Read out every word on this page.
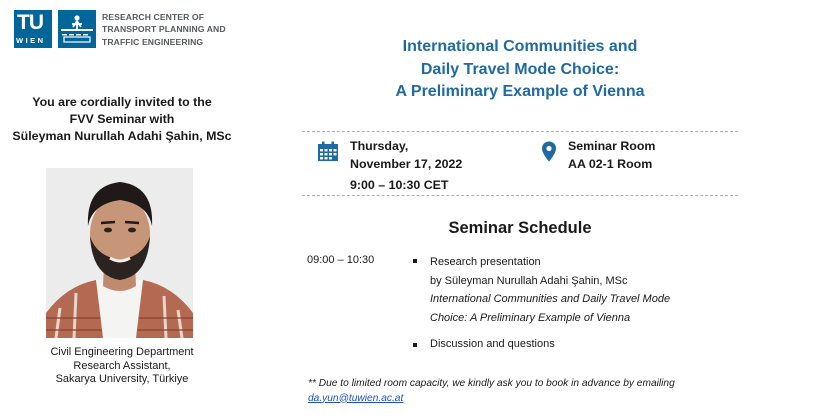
TU
WIEN
RESEARCH CENTER OF
TRANSPORT PLANNING AND
TRAFFIC ENGINEERING
You are cordially invited to the
FVV Seminar with
Süleyman Nurullah Adahi Şahin, MSc
Civil Engineering Department
Research Assistant,
Sakarya University, Türkiye
International Communities and
Daily Travel Mode Choice:
A Preliminary Example of Vienna
Thursday,
November 17, 2022
9:00 – 10:30 CET
Seminar Room
AA 02-1 Room
Seminar Schedule
09:00 – 10:30	Research presentation
by Süleyman Nurullah Adahi Şahin, MSc
International Communities and Daily Travel Mode
Choice: A Preliminary Example of Vienna
Discussion and questions
** Due to limited room capacity, we kindly ask you to book in advance by emailing
da.yun@tuwien.ac.at
